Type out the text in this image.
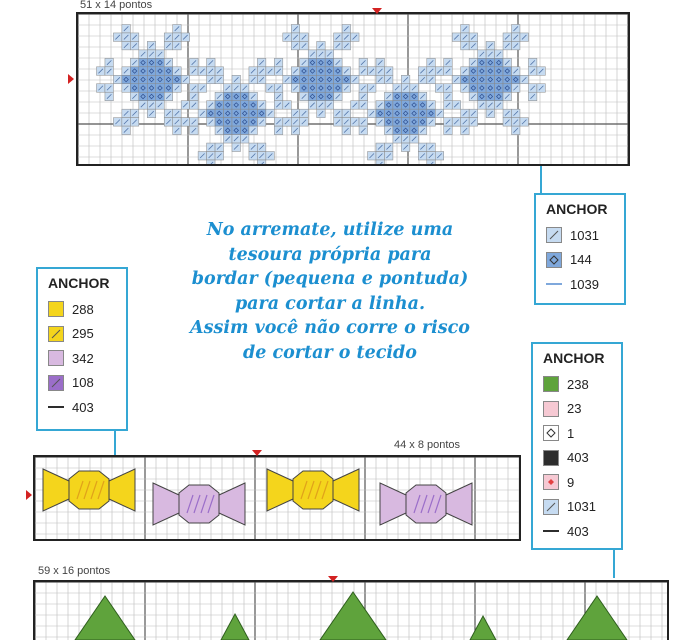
51 x 14 pontos
ANCHOR
1031
144
1039
No arremate, utilize uma
tesoura própria para
bordar (pequena e pontuda)
para cortar a linha.
Assim você não corre o risco
de cortar o tecido
ANCHOR
288
295
342
108
403
44 x 8 pontos
ANCHOR
238
23
1
403
9
1031
403
59 x 16 pontos
